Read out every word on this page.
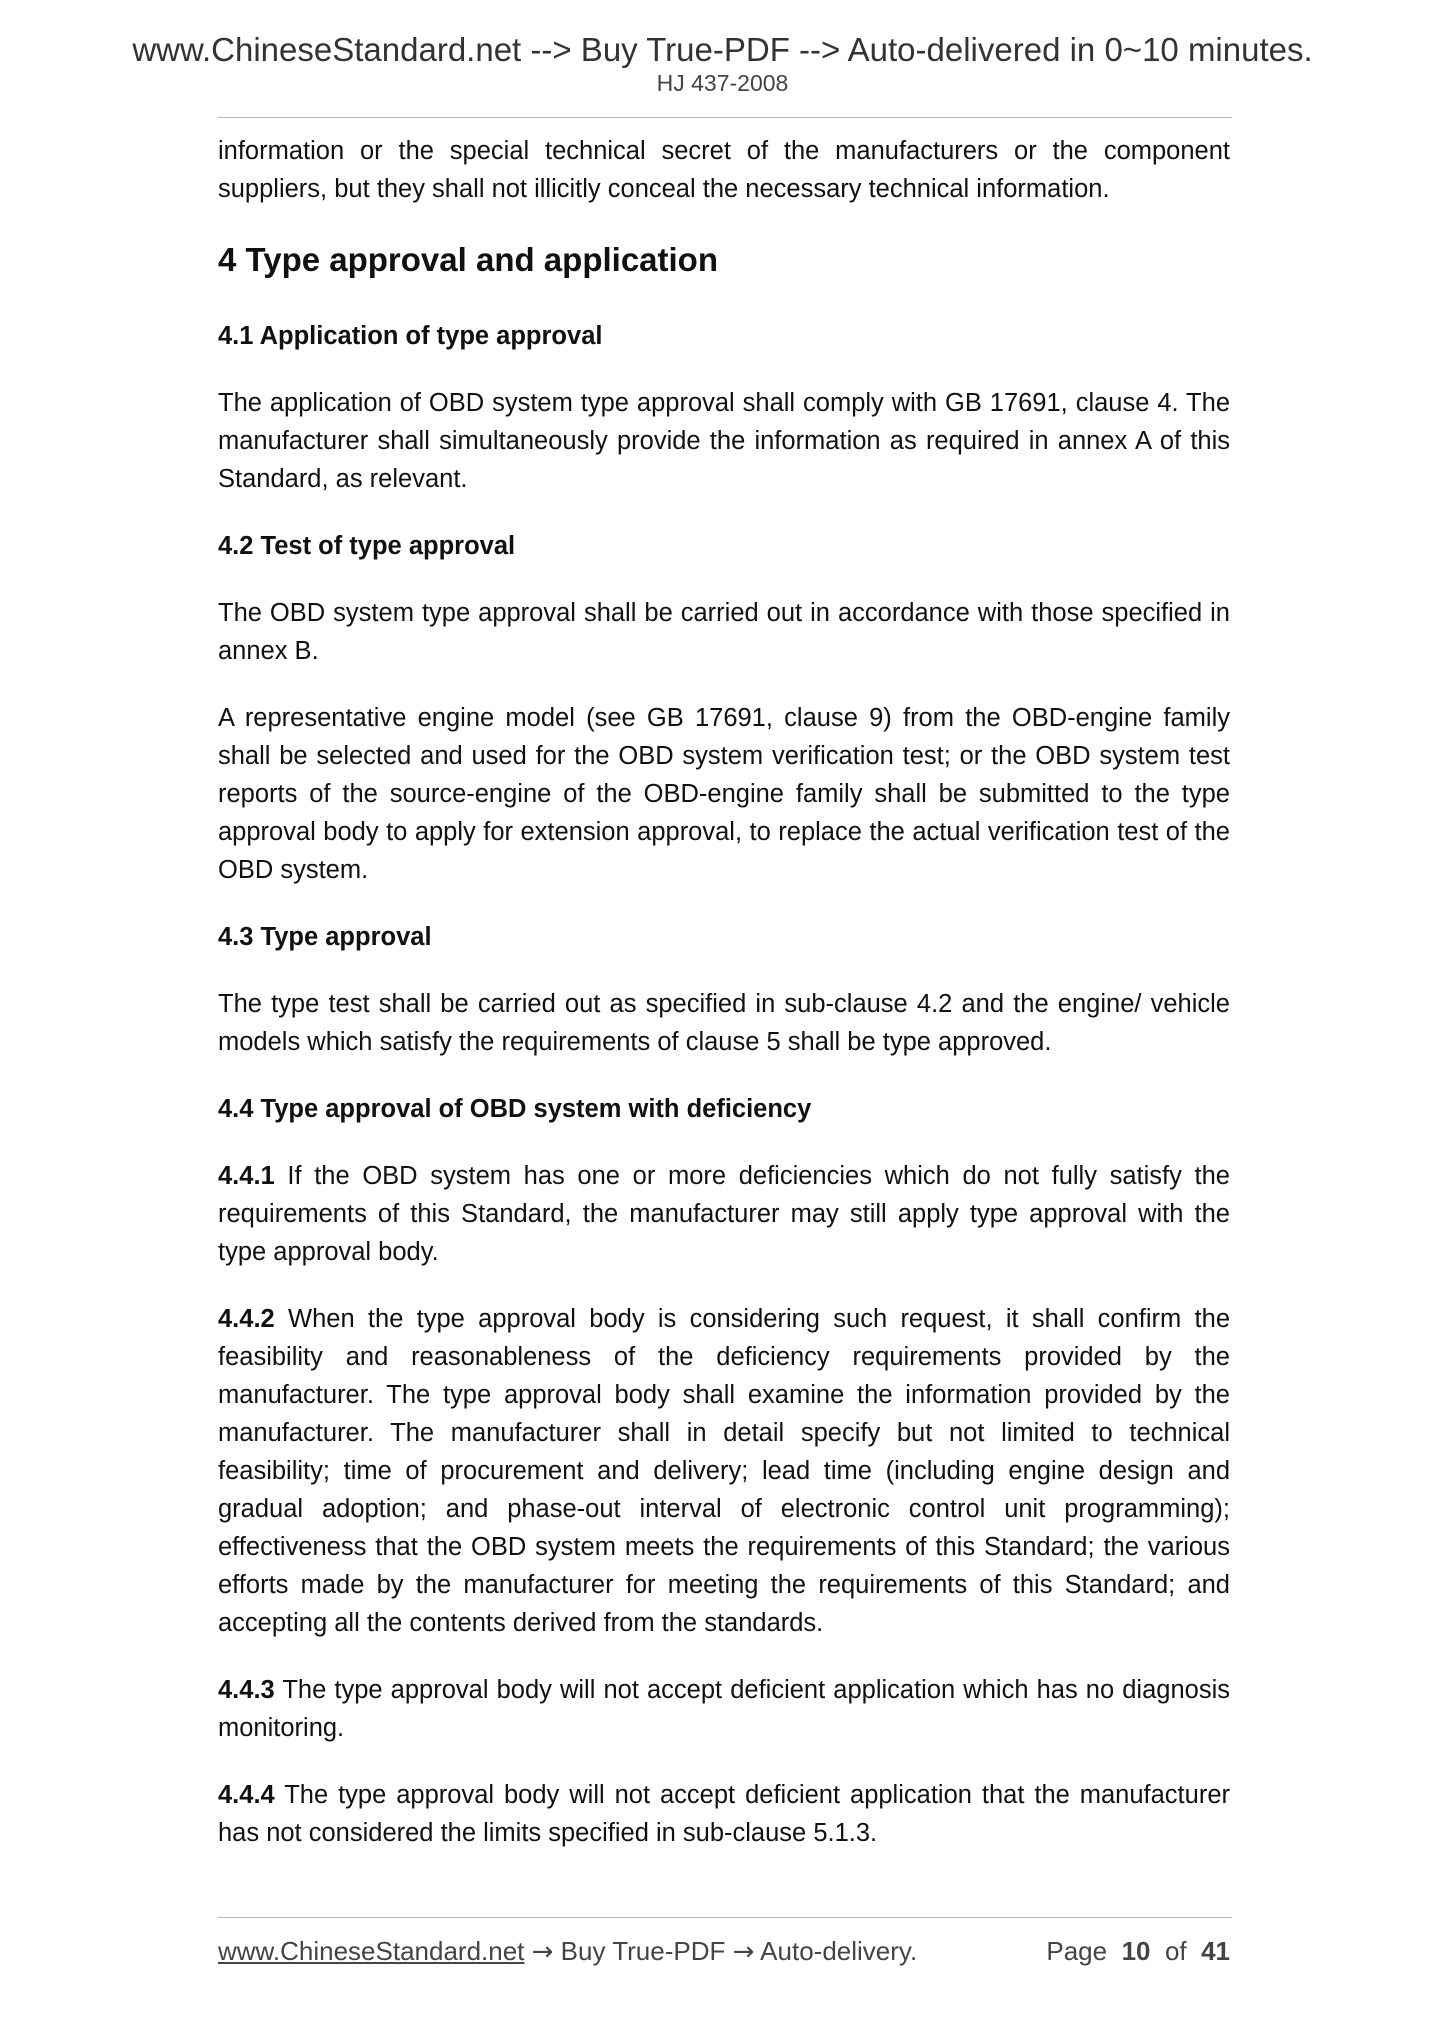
www.ChineseStandard.net --> Buy True-PDF --> Auto-delivered in 0~10 minutes.
HJ 437-2008

information or the special technical secret of the manufacturers or the component suppliers, but they shall not illicitly conceal the necessary technical information.

4 Type approval and application
4.1 Application of type approval

The application of OBD system type approval shall comply with GB 17691, clause 4. The manufacturer shall simultaneously provide the information as required in annex A of this Standard, as relevant.

4.2 Test of type approval

The OBD system type approval shall be carried out in accordance with those specified in annex B.

A representative engine model (see GB 17691, clause 9) from the OBD-engine family shall be selected and used for the OBD system verification test; or the OBD system test reports of the source-engine of the OBD-engine family shall be submitted to the type approval body to apply for extension approval, to replace the actual verification test of the OBD system.

4.3 Type approval

The type test shall be carried out as specified in sub-clause 4.2 and the engine/ vehicle models which satisfy the requirements of clause 5 shall be type approved.

4.4 Type approval of OBD system with deficiency

4.4.1 If the OBD system has one or more deficiencies which do not fully satisfy the requirements of this Standard, the manufacturer may still apply type approval with the type approval body.

4.4.2 When the type approval body is considering such request, it shall confirm the feasibility and reasonableness of the deficiency requirements provided by the manufacturer. The type approval body shall examine the information provided by the manufacturer. The manufacturer shall in detail specify but not limited to technical feasibility; time of procurement and delivery; lead time (including engine design and gradual adoption; and phase-out interval of electronic control unit programming); effectiveness that the OBD system meets the requirements of this Standard; the various efforts made by the manufacturer for meeting the requirements of this Standard; and accepting all the contents derived from the standards.

4.4.3 The type approval body will not accept deficient application which has no diagnosis monitoring.

4.4.4 The type approval body will not accept deficient application that the manufacturer has not considered the limits specified in sub-clause 5.1.3.

www.ChineseStandard.net → Buy True-PDF → Auto-delivery.	Page 10 of 41
